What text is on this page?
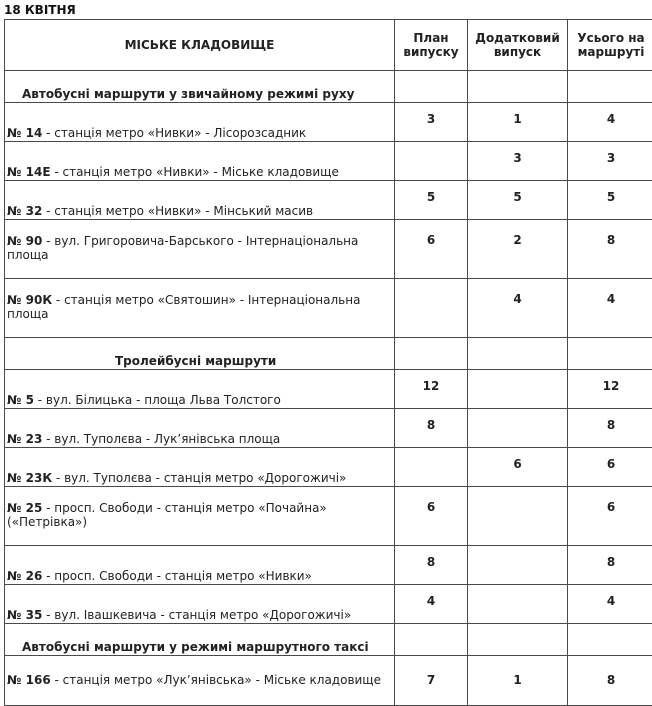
18 КВІТНЯ
МІСЬКЕ КЛАДОВИЩЕ	План випуску	Додатковий випуск	Усього на маршруті
Автобусні маршрути у звичайному режимі руху			
№ 14 - станція метро «Нивки» - Лісорозсадник	3	1	4
№ 14Е - станція метро «Нивки» - Міське кладовище		3	3
№ 32 - станція метро «Нивки» - Мінський масив	5	5	5
№ 90 - вул. Григоровича-Барського - Інтернаціональна площа	6	2	8
№ 90К - станція метро «Святошин» - Інтернаціональна площа		4	4
Тролейбусні маршрути			
№ 5 - вул. Білицька - площа Льва Толстого	12		12
№ 23 - вул. Туполєва - Лук’янівська площа	8		8
№ 23К - вул. Туполєва - станція метро «Дорогожичі»		6	6
№ 25 - просп. Свободи - станція метро «Почайна» («Петрівка»)	6		6
№ 26 - просп. Свободи - станція метро «Нивки»	8		8
№ 35 - вул. Івашкевича - станція метро «Дорогожичі»	4		4
Автобусні маршрути у режимі маршрутного таксі			
№ 166 - станція метро «Лук’янівська» - Міське кладовище	7	1	8
